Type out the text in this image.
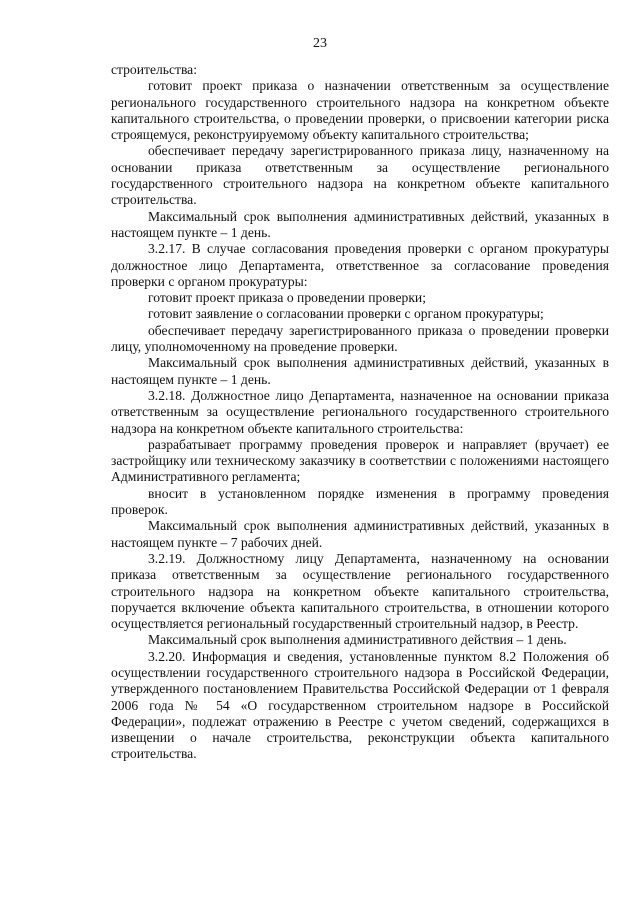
23

строительства:

готовит проект приказа о назначении ответственным за осуществление регионального государственного строительного надзора на конкретном объекте капитального строительства, о проведении проверки, о присвоении категории риска строящемуся, реконструируемому объекту капитального строительства;

обеспечивает передачу зарегистрированного приказа лицу, назначенному на основании приказа ответственным за осуществление регионального государственного строительного надзора на конкретном объекте капитального строительства.

Максимальный срок выполнения административных действий, указанных в настоящем пункте – 1 день.

3.2.17. В случае согласования проведения проверки с органом прокуратуры должностное лицо Департамента, ответственное за согласование проведения проверки с органом прокуратуры:

готовит проект приказа о проведении проверки;

готовит заявление о согласовании проверки с органом прокуратуры;

обеспечивает передачу зарегистрированного приказа о проведении проверки лицу, уполномоченному на проведение проверки.

Максимальный срок выполнения административных действий, указанных в настоящем пункте – 1 день.

3.2.18. Должностное лицо Департамента, назначенное на основании приказа ответственным за осуществление регионального государственного строительного надзора на конкретном объекте капитального строительства:

разрабатывает программу проведения проверок и направляет (вручает) ее застройщику или техническому заказчику в соответствии с положениями настоящего Административного регламента;

вносит в установленном порядке изменения в программу проведения проверок.

Максимальный срок выполнения административных действий, указанных в настоящем пункте – 7 рабочих дней.

3.2.19. Должностному лицу Департамента, назначенному на основании приказа ответственным за осуществление регионального государственного строительного надзора на конкретном объекте капитального строительства, поручается включение объекта капитального строительства, в отношении которого осуществляется региональный государственный строительный надзор, в Реестр.

Максимальный срок выполнения административного действия – 1 день.

3.2.20. Информация и сведения, установленные пунктом 8.2 Положения об осуществлении государственного строительного надзора в Российской Федерации, утвержденного постановлением Правительства Российской Федерации от 1 февраля 2006 года № 54 «О государственном строительном надзоре в Российской Федерации», подлежат отражению в Реестре с учетом сведений, содержащихся в извещении о начале строительства, реконструкции объекта капитального строительства.
